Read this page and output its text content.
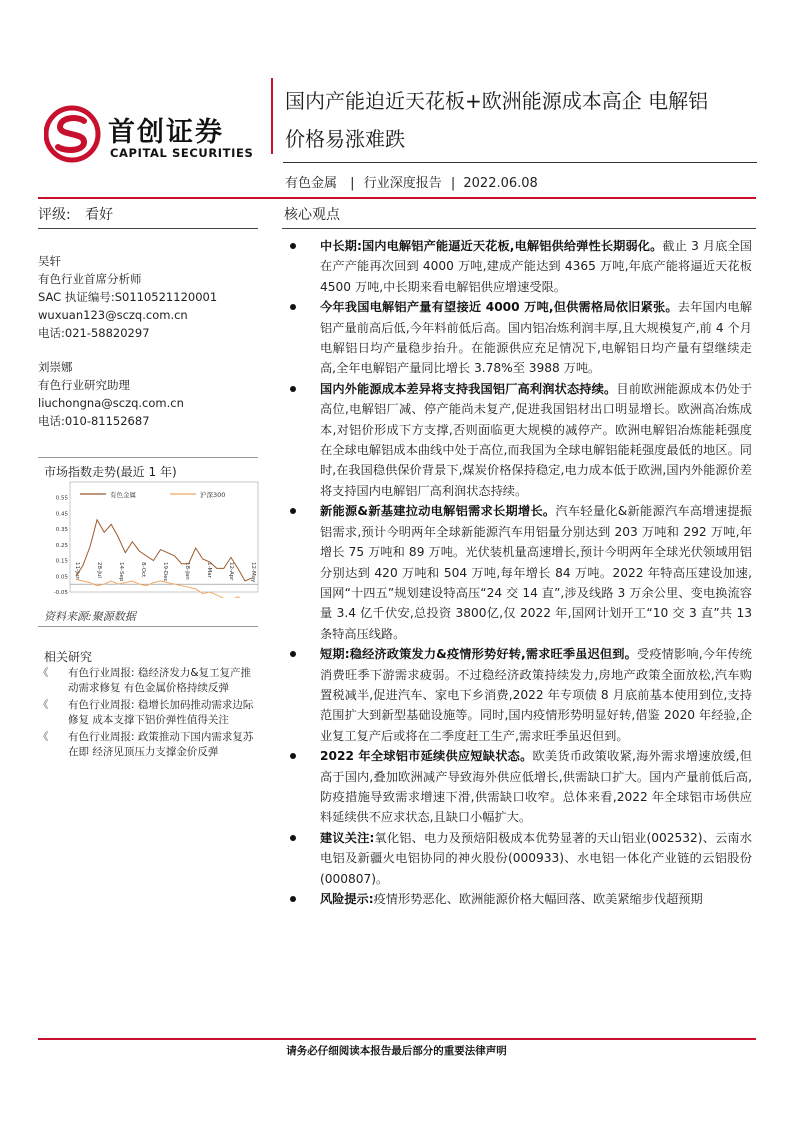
首创证券
CAPITAL SECURITIES
国内产能迫近天花板+欧洲能源成本高企 电解铝
价格易涨难跌
有色金属 | 行业深度报告 | 2022.06.08
评级: 看好	核心观点
吴轩
有色行业首席分析师
SAC 执证编号:S0110521120001
wuxuan123@sczq.com.cn
电话:021-58820297
刘崇娜
有色行业研究助理
liuchongna@sczq.com.cn
电话:010-81152687
市场指数走势(最近 1 年)
0.55
0.45
0.35
0.25
0.15
0.05
-0.05
11-Jun	28-Jul	14-Sep	8-Oct	19-Dec	18-Jan	1-Mar	12-Apr	12-May
有色金属	沪深300
资料来源:聚源数据
相关研究
《 有色行业周报: 稳经济发力&复工复产推动需求修复 有色金属价格持续反弹
《 有色行业周报: 稳增长加码推动需求边际修复 成本支撑下铝价弹性值得关注
《 有色行业周报: 政策推动下国内需求复苏在即 经济见顶压力支撑金价反弹
中长期:国内电解铝产能逼近天花板,电解铝供给弹性长期弱化。截止 3 月底全国在产产能再次回到 4000 万吨,建成产能达到 4365 万吨,年底产能将逼近天花板 4500 万吨,中长期来看电解铝供应增速受限。
今年我国电解铝产量有望接近 4000 万吨,但供需格局依旧紧张。去年国内电解铝产量前高后低,今年料前低后高。国内铝冶炼利润丰厚,且大规模复产,前 4 个月电解铝日均产量稳步抬升。在能源供应充足情况下,电解铝日均产量有望继续走高,全年电解铝产量同比增长 3.78%至 3988 万吨。
国内外能源成本差异将支持我国铝厂高利润状态持续。目前欧洲能源成本仍处于高位,电解铝厂减、停产能尚未复产,促进我国铝材出口明显增长。欧洲高冶炼成本,对铝价形成下方支撑,否则面临更大规模的减停产。欧洲电解铝冶炼能耗强度在全球电解铝成本曲线中处于高位,而我国为全球电解铝能耗强度最低的地区。同时,在我国稳供保价背景下,煤炭价格保持稳定,电力成本低于欧洲,国内外能源价差将支持国内电解铝厂高利润状态持续。
新能源&新基建拉动电解铝需求长期增长。汽车轻量化&新能源汽车高增速提振铝需求,预计今明两年全球新能源汽车用铝量分别达到 203 万吨和 292 万吨,年增长 75 万吨和 89 万吨。光伏装机量高速增长,预计今明两年全球光伏领域用铝分别达到 420 万吨和 504 万吨,每年增长 84 万吨。2022 年特高压建设加速,国网“十四五”规划建设特高压“24 交 14 直”,涉及线路 3 万余公里、变电换流容量 3.4 亿千伏安,总投资 3800亿,仅 2022 年,国网计划开工“10 交 3 直”共 13 条特高压线路。
短期:稳经济政策发力&疫情形势好转,需求旺季虽迟但到。受疫情影响,今年传统消费旺季下游需求疲弱。不过稳经济政策持续发力,房地产政策全面放松,汽车购置税减半,促进汽车、家电下乡消费,2022 年专项债 8 月底前基本使用到位,支持范围扩大到新型基础设施等。同时,国内疫情形势明显好转,借鉴 2020 年经验,企业复工复产后或将在二季度赶工生产,需求旺季虽迟但到。
2022 年全球铝市延续供应短缺状态。欧美货币政策收紧,海外需求增速放缓,但高于国内,叠加欧洲减产导致海外供应低增长,供需缺口扩大。国内产量前低后高,防疫措施导致需求增速下滑,供需缺口收窄。总体来看,2022 年全球铝市场供应料延续供不应求状态,且缺口小幅扩大。
建议关注:氧化铝、电力及预焙阳极成本优势显著的天山铝业(002532)、云南水电铝及新疆火电铝协同的神火股份(000933)、水电铝一体化产业链的云铝股份(000807)。
风险提示:疫情形势恶化、欧洲能源价格大幅回落、欧美紧缩步伐超预期
请务必仔细阅读本报告最后部分的重要法律声明
